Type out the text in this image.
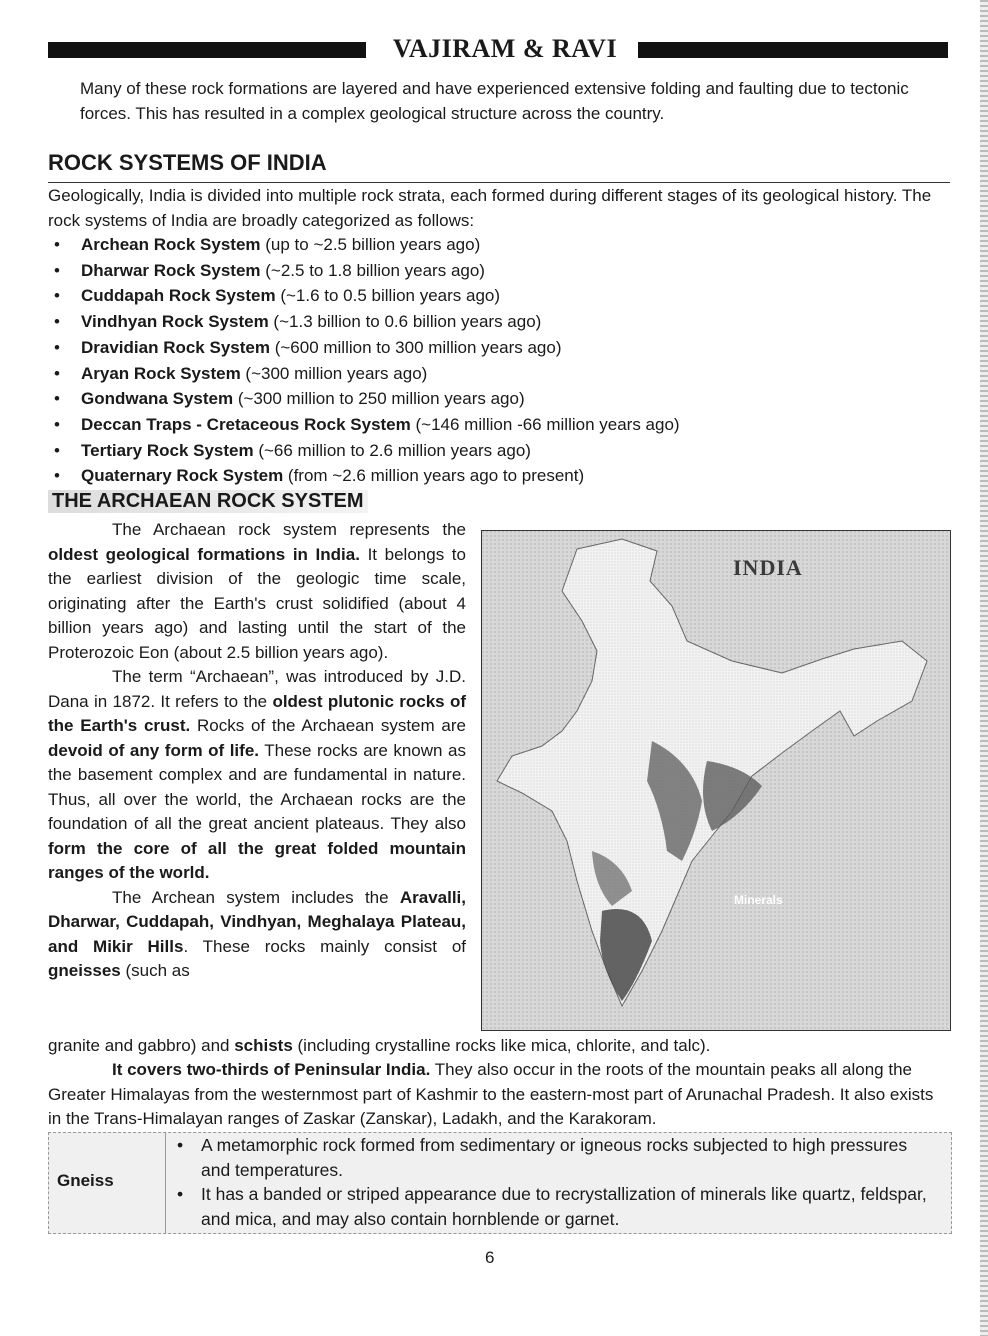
VAJIRAM & RAVI

Many of these rock formations are layered and have experienced extensive folding and faulting due to tectonic forces. This has resulted in a complex geological structure across the country.

ROCK SYSTEMS OF INDIA

Geologically, India is divided into multiple rock strata, each formed during different stages of its geological history. The rock systems of India are broadly categorized as follows:

• Archean Rock System (up to ~2.5 billion years ago)
• Dharwar Rock System (~2.5 to 1.8 billion years ago)
• Cuddapah Rock System (~1.6 to 0.5 billion years ago)
• Vindhyan Rock System (~1.3 billion to 0.6 billion years ago)
• Dravidian Rock System (~600 million to 300 million years ago)
• Aryan Rock System (~300 million years ago)
• Gondwana System (~300 million to 250 million years ago)
• Deccan Traps - Cretaceous Rock System (~146 million -66 million years ago)
• Tertiary Rock System (~66 million to 2.6 million years ago)
• Quaternary Rock System (from ~2.6 million years ago to present)
THE ARCHAEAN ROCK SYSTEM

The Archaean rock system represents the oldest geological formations in India. It belongs to the earliest division of the geologic time scale, originating after the Earth's crust solidified (about 4 billion years ago) and lasting until the start of the Proterozoic Eon (about 2.5 billion years ago).

The term “Archaean”, was introduced by J.D. Dana in 1872. It refers to the oldest plutonic rocks of the Earth's crust. Rocks of the Archaean system are devoid of any form of life. These rocks are known as the basement complex and are fundamental in nature. Thus, all over the world, the Archaean rocks are the foundation of all the great ancient plateaus. They also form the core of all the great folded mountain ranges of the world.

The Archean system includes the Aravalli, Dharwar, Cuddapah, Vindhyan, Meghalaya Plateau, and Mikir Hills. These rocks mainly consist of gneisses (such as

INDIA
Minerals

granite and gabbro) and schists (including crystalline rocks like mica, chlorite, and talc).

It covers two-thirds of Peninsular India. They also occur in the roots of the mountain peaks all along the Greater Himalayas from the westernmost part of Kashmir to the eastern-most part of Arunachal Pradesh. It also exists in the Trans-Himalayan ranges of Zaskar (Zanskar), Ladakh, and the Karakoram.

Gneiss
• A metamorphic rock formed from sedimentary or igneous rocks subjected to high pressures and temperatures.
• It has a banded or striped appearance due to recrystallization of minerals like quartz, feldspar, and mica, and may also contain hornblende or garnet.
6
